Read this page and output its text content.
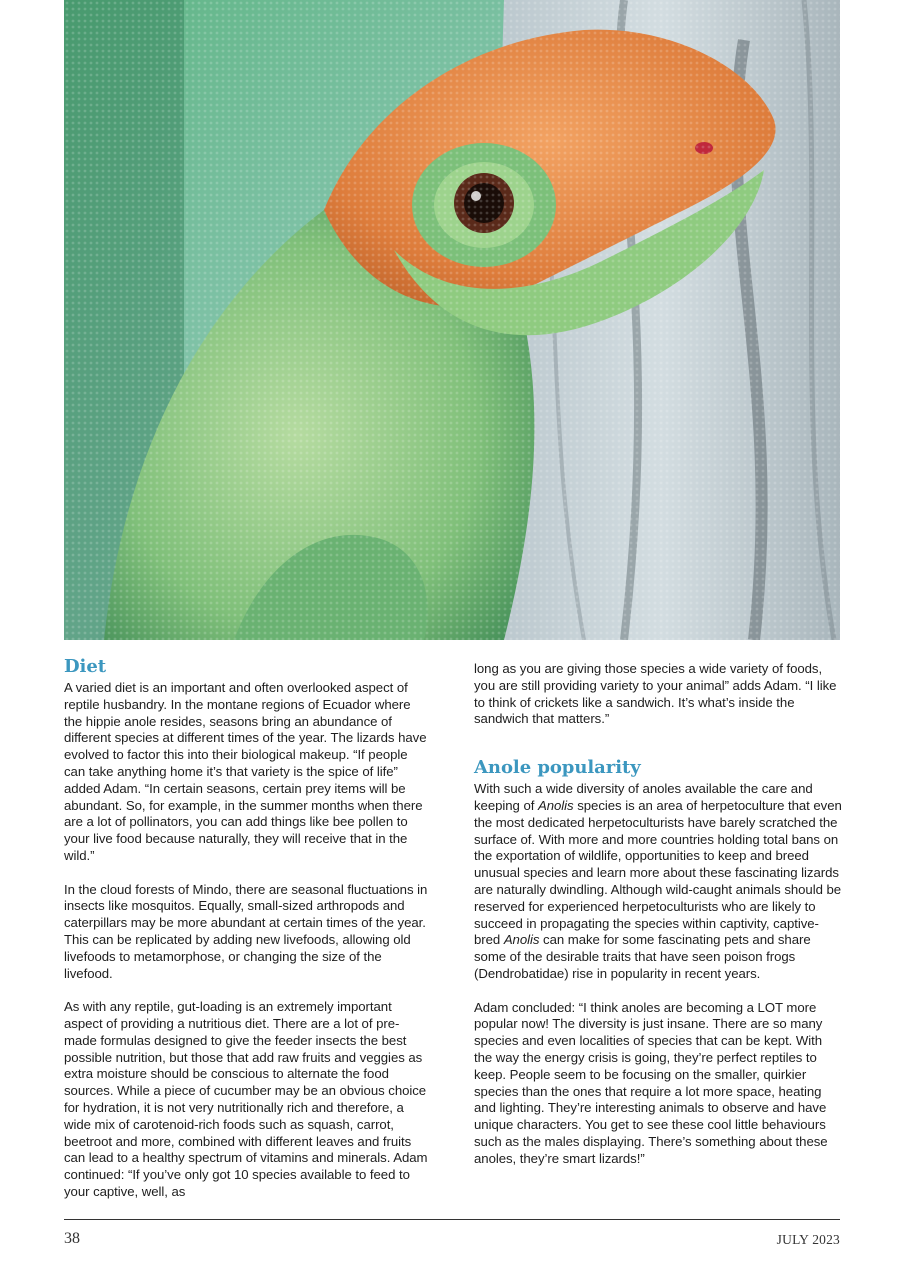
Diet

A varied diet is an important and often overlooked aspect of reptile husbandry. In the montane regions of Ecuador where the hippie anole resides, seasons bring an abundance of different species at different times of the year. The lizards have evolved to factor this into their biological makeup. “If people can take anything home it’s that variety is the spice of life” added Adam. “In certain seasons, certain prey items will be abundant. So, for example, in the summer months when there are a lot of pollinators, you can add things like bee pollen to your live food because naturally, they will receive that in the wild.”

In the cloud forests of Mindo, there are seasonal fluctuations in insects like mosquitos. Equally, small-sized arthropods and caterpillars may be more abundant at certain times of the year. This can be replicated by adding new livefoods, allowing old livefoods to metamorphose, or changing the size of the livefood.

As with any reptile, gut-loading is an extremely important aspect of providing a nutritious diet. There are a lot of pre-made formulas designed to give the feeder insects the best possible nutrition, but those that add raw fruits and veggies as extra moisture should be conscious to alternate the food sources. While a piece of cucumber may be an obvious choice for hydration, it is not very nutritionally rich and therefore, a wide mix of carotenoid-rich foods such as squash, carrot, beetroot and more, combined with different leaves and fruits can lead to a healthy spectrum of vitamins and minerals. Adam continued: “If you’ve only got 10 species available to feed to your captive, well, as

long as you are giving those species a wide variety of foods, you are still providing variety to your animal” adds Adam. “I like to think of crickets like a sandwich. It’s what’s inside the sandwich that matters.”

Anole popularity

With such a wide diversity of anoles available the care and keeping of Anolis species is an area of herpetoculture that even the most dedicated herpetoculturists have barely scratched the surface of. With more and more countries holding total bans on the exportation of wildlife, opportunities to keep and breed unusual species and learn more about these fascinating lizards are naturally dwindling. Although wild-caught animals should be reserved for experienced herpetoculturists who are likely to succeed in propagating the species within captivity, captive-bred Anolis can make for some fascinating pets and share some of the desirable traits that have seen poison frogs (Dendrobatidae) rise in popularity in recent years.

Adam concluded: “I think anoles are becoming a LOT more popular now! The diversity is just insane. There are so many species and even localities of species that can be kept. With the way the energy crisis is going, they’re perfect reptiles to keep. People seem to be focusing on the smaller, quirkier species than the ones that require a lot more space, heating and lighting. They’re interesting animals to observe and have unique characters. You get to see these cool little behaviours such as the males displaying. There’s something about these anoles, they’re smart lizards!”

38	JULY 2023
